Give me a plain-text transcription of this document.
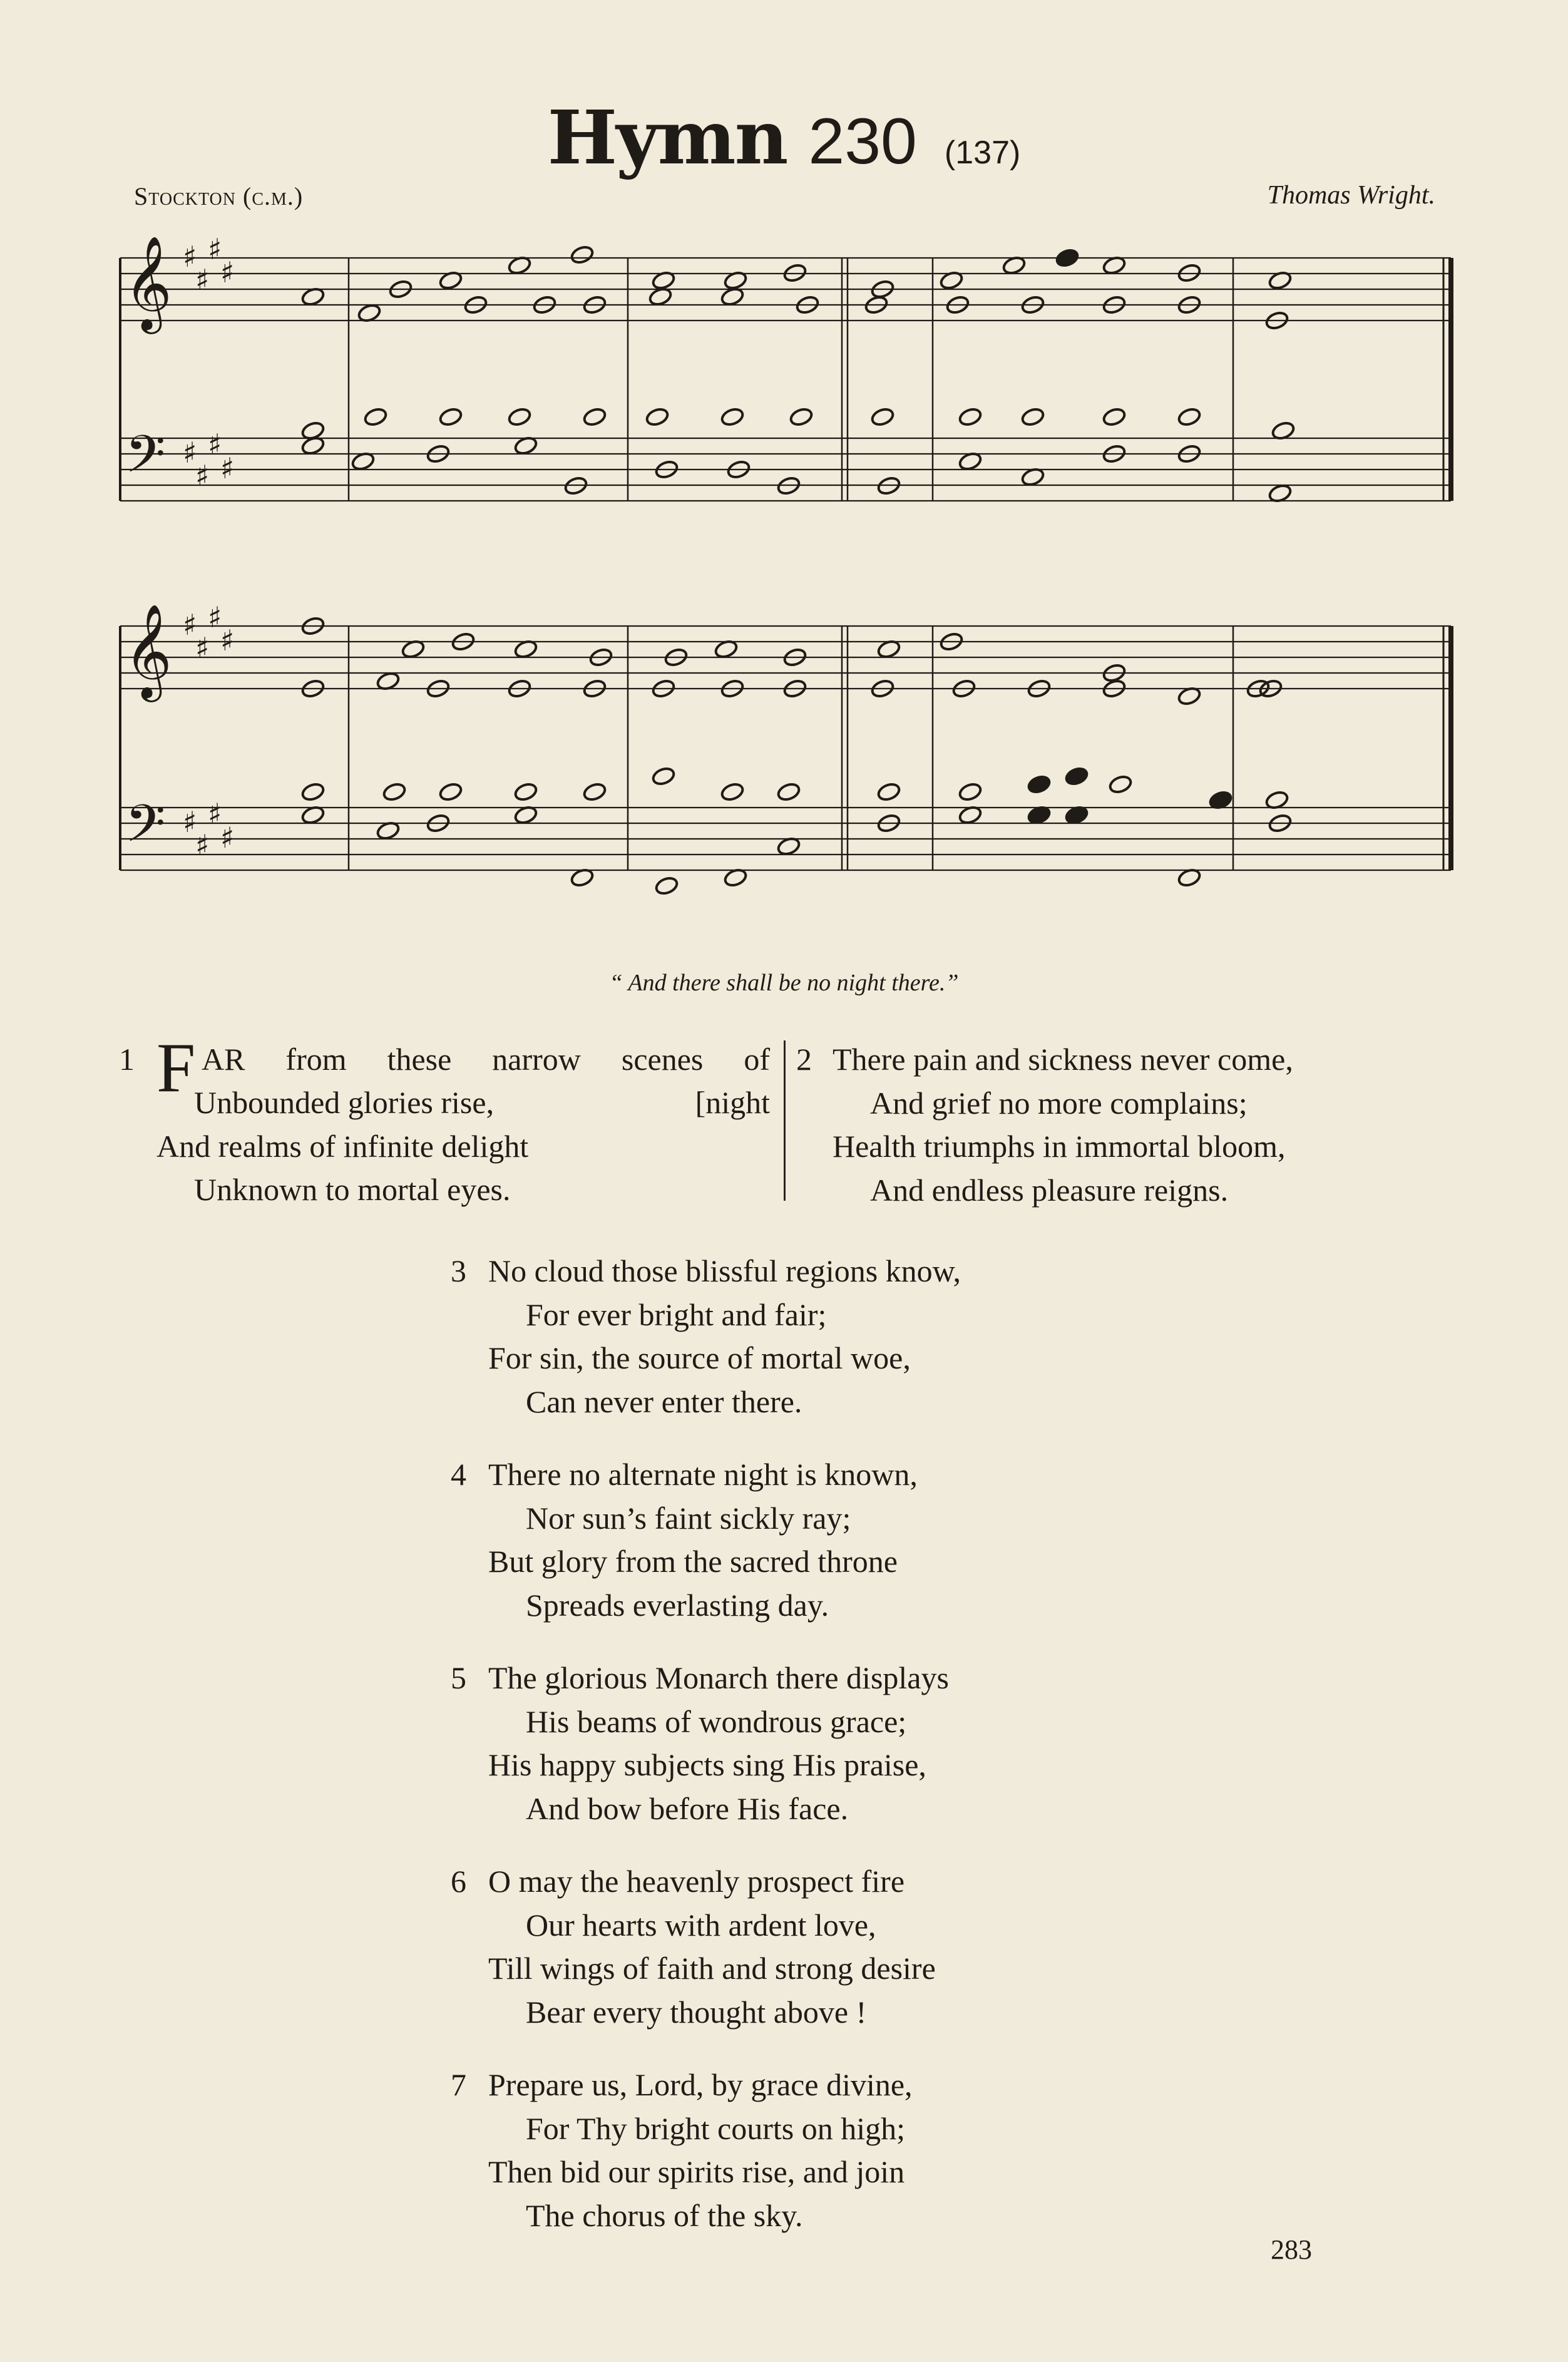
Hymn 230 (137)
Stockton (c.m.)	Thomas Wright.
𝄞
𝄢
♯
♯
♯
♯
♯
♯
♯
♯
𝄞
𝄢
♯
♯
♯
♯
♯
♯
♯
♯
“ And there shall be no night there.”
1 F AR from these narrow scenes of
Unbounded glories rise,	[night
And realms of infinite delight
Unknown to mortal eyes.
2 There pain and sickness never come,
And grief no more complains;
Health triumphs in immortal bloom,
And endless pleasure reigns.
3 No cloud those blissful regions know,
For ever bright and fair;
For sin, the source of mortal woe,
Can never enter there.
4 There no alternate night is known,
Nor sun’s faint sickly ray;
But glory from the sacred throne
Spreads everlasting day.
5 The glorious Monarch there displays
His beams of wondrous grace;
His happy subjects sing His praise,
And bow before His face.
6 O may the heavenly prospect fire
Our hearts with ardent love,
Till wings of faith and strong desire
Bear every thought above !
7 Prepare us, Lord, by grace divine,
For Thy bright courts on high;
Then bid our spirits rise, and join
The chorus of the sky.
283
